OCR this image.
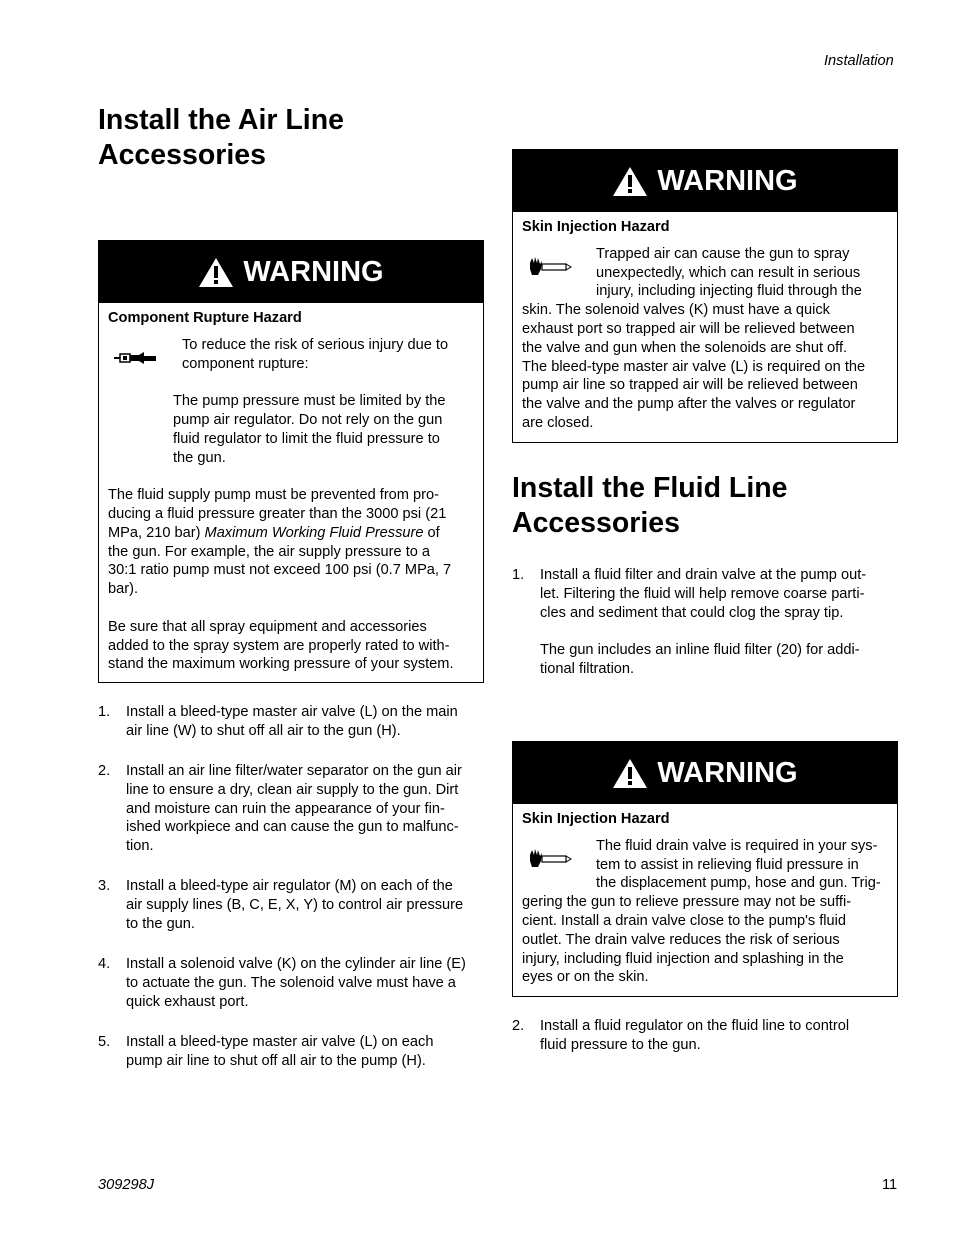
Installation
Install the Air Line
Accessories
WARNING
Component Rupture Hazard
To reduce the risk of serious injury due to
component rupture:
The pump pressure must be limited by the
pump air regulator. Do not rely on the gun
fluid regulator to limit the fluid pressure to
the gun.
The fluid supply pump must be prevented from pro-
ducing a fluid pressure greater than the 3000 psi (21
MPa, 210 bar) Maximum Working Fluid Pressure of
the gun. For example, the air supply pressure to a
30:1 ratio pump must not exceed 100 psi (0.7 MPa, 7
bar).
Be sure that all spray equipment and accessories
added to the spray system are properly rated to with-
stand the maximum working pressure of your system.
1. Install a bleed-type master air valve (L) on the main
air line (W) to shut off all air to the gun (H).
2. Install an air line filter/water separator on the gun air
line to ensure a dry, clean air supply to the gun. Dirt
and moisture can ruin the appearance of your fin-
ished workpiece and can cause the gun to malfunc-
tion.
3. Install a bleed-type air regulator (M) on each of the
air supply lines (B, C, E, X, Y) to control air pressure
to the gun.
4. Install a solenoid valve (K) on the cylinder air line (E)
to actuate the gun. The solenoid valve must have a
quick exhaust port.
5. Install a bleed-type master air valve (L) on each
pump air line to shut off all air to the pump (H).
WARNING
Skin Injection Hazard
Trapped air can cause the gun to spray
unexpectedly, which can result in serious
injury, including injecting fluid through the
skin. The solenoid valves (K) must have a quick
exhaust port so trapped air will be relieved between
the valve and gun when the solenoids are shut off.
The bleed-type master air valve (L) is required on the
pump air line so trapped air will be relieved between
the valve and the pump after the valves or regulator
are closed.
Install the Fluid Line
Accessories
1. Install a fluid filter and drain valve at the pump out-
let. Filtering the fluid will help remove coarse parti-
cles and sediment that could clog the spray tip.
The gun includes an inline fluid filter (20) for addi-
tional filtration.
WARNING
Skin Injection Hazard
The fluid drain valve is required in your sys-
tem to assist in relieving fluid pressure in
the displacement pump, hose and gun. Trig-
gering the gun to relieve pressure may not be suffi-
cient. Install a drain valve close to the pump's fluid
outlet. The drain valve reduces the risk of serious
injury, including fluid injection and splashing in the
eyes or on the skin.
2. Install a fluid regulator on the fluid line to control
fluid pressure to the gun.
309298J	11
